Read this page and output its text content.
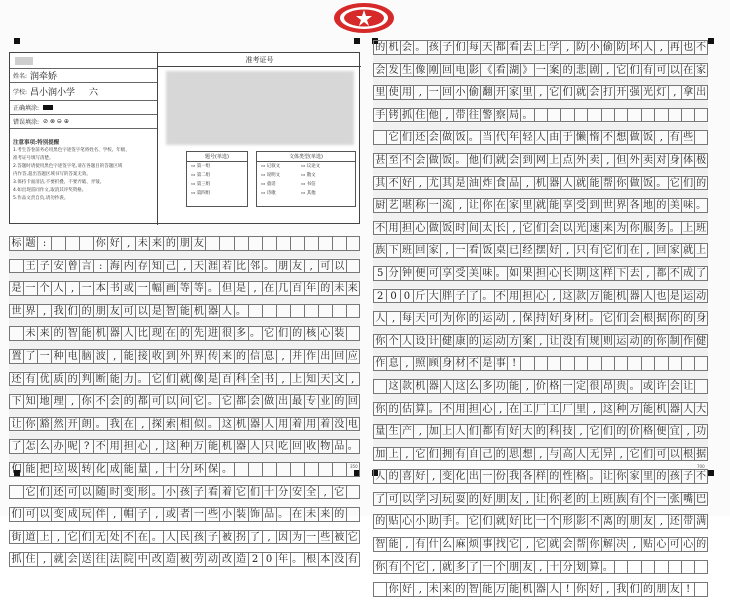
姓名: 润牵娇
学校: 昌小润小学 六
正确填涂:
错误填涂: ⊘ ⊗ ⊖ ⊕
注意事项:特别提醒
1.考生答卷前务必用黑色字迹签字笔将姓名、学校、年级、
准考证号填写清楚。
2.答题时请使用黑色字迹签字笔,请在各题目的答题区域
内作答,超出答题区域书写的答案无效。
3.保持卡面清洁,不要折叠、不要弄破、弄皱。
4.如出现雷同作文,取消其评奖资格。
5.作品文责自负,请勿抄袭。
准考证号
题号(单选)
▭ 第一组 ▭ 第二组 ▭ 第三组 ▭ 第四组
文体类型(单选)
▭ 记叙文	▭ 议论文 ▭ 说明文	▭ 散文 ▭ 童话	▭ 书信 ▭ 诗歌	▭ 其他
标 题 :	你 好 , 未 来 的 朋 友
王 子 安 曾 言 : 海 内 存 知 己 , 天 涯 若 比 邻 。 朋 友 , 可 以
是 一 个 人 , 一 本 书 或 一 幅 画 等 等 。 但 是 , 在 几 百 年 的 未 来
世 界 , 我 们 的 朋 友 可 以 是 智 能 机 器 人 。
未 来 的 智 能 机 器 人 比 现 在 的 先 进 很 多 。 它 们 的 核 心 装
置 了 一 种 电 脑 波 , 能 接 收 到 外 界 传 来 的 信 息 , 并 作 出 回 应
还 有 优 质 的 判 断 能 力 。 它 们 就 像 是 百 科 全 书 , 上 知 天 文 ,
下 知 地 理 , 你 不 会 的 都 可 以 问 它 。 它 都 会 做 出 最 专 业 的 回
让 你 豁 然 开 朗 。 我 在 , 探 索 相 似 。 这 机 器 人 用 着 用 着 没 电
了 怎 么 办 呢 ? 不 用 担 心 , 这 种 万 能 机 器 人 只 吃 回 收 物 品 。
们 能 把 垃 圾 转 化 成 能 量 , 十 分 环 保 。
它 们 还 可 以 随 时 变 形 。 小 孩 子 看 着 它 们 十 分 安 全 , 它
们 可 以 变 成 玩 伴 , 帽 子 , 或 者 一 些 小 装 饰 品 。 在 未 来 的
街 道 上 , 它 们 无 处 不 在 。 人 民 孩 子 被 拐 了 , 因 为 一 些 被 它
抓 住 , 就 会 送 往 法 院 中 改 造 被 劳 动 改 造 2 0 年 。 根 本 没 有
的 机 会 。 孩 子 们 每 天 都 看 去 上 学 , 防 小 偷 防 坏 人 , 再 也 不
会 发 生 像 刚 回 电 影 《 看 湖 》 一 案 的 悲 剧 , 它 们 有 可 以 在 家
里 使 用 , 一 回 小 偷 翻 开 家 里 , 它 们 就 会 打 开 强 光 灯 , 拿 出
手 铐 抓 住 他 , 带 往 警 察 局 。
它 们 还 会 做 饭 。 当 代 年 轻 人 由 于 懒 惰 不 想 做 饭 , 有 些
甚 至 不 会 做 饭 。 他 们 就 会 到 网 上 点 外 卖 , 但 外 卖 对 身 体 极
其 不 好 , 尤 其 是 油 炸 食 品 , 机 器 人 就 能 帮 你 做 饭 。 它 们 的
厨 艺 堪 称 一 流 , 让 你 在 家 里 就 能 享 受 到 世 界 各 地 的 美 味 。
不 用 担 心 做 饭 时 间 太 长 , 它 们 会 以 光 速 来 为 你 服 务 。 上 班
族 下 班 回 家 , 一 看 饭 桌 已 经 摆 好 , 只 有 它 们 在 , 回 家 就 上
5 分 钟 便 可 享 受 美 味 。 如 果 担 心 长 期 这 样 下 去 , 都 不 成 了
2 0 0 斤 大 胖 子 了 。 不 用 担 心 , 这 款 万 能 机 器 人 也 是 运 动
人 , 每 天 可 为 你 的 运 动 , 保 持 好 身 材 。 它 们 会 根 据 你 的 身
你 个 人 设 计 健 康 的 运 动 方 案 , 让 没 有 规 则 运 动 的 你 制 作 健
作 息 , 照 顾 身 材 不 是 事 !
这 款 机 器 人 这 么 多 功 能 , 价 格 一 定 很 昂 贵 。 或 许 会 让
你 的 估 算 。 不 用 担 心 , 在 工 厂 工 厂 里 , 这 种 万 能 机 器 人 大
量 生 产 , 加 上 人 们 都 有 好 大 的 科 技 , 它 们 的 价 格 便 宜 , 功
加 上 , 它 们 拥 有 自 己 的 思 想 , 与 高 人 无 异 , 它 们 可 以 根 据
人 的 喜 好 , 变 化 出 一 份 我 各 样 的 性 格 。 让 你 家 里 的 孩 子 不
了 可 以 学 习 玩 耍 的 好 朋 友 , 让 你 老 的 上 班 族 有 个 一 张 嘴 巴
的 贴 心 小 助 手 。 它 们 就 好 比 一 个 形 影 不 离 的 朋 友 , 还 带 满
智 能 , 有 什 么 麻 烦 事 找 它 , 它 就 会 帮 你 解 决 , 贴 心 可 心 的
你 有 个 它 , 就 多 了 一 个 朋 友 , 十 分 划 算 。
你 好 , 未 来 的 智 能 万 能 机 器 人 ! 你 好 , 我 们 的 朋 友 !
350	700
